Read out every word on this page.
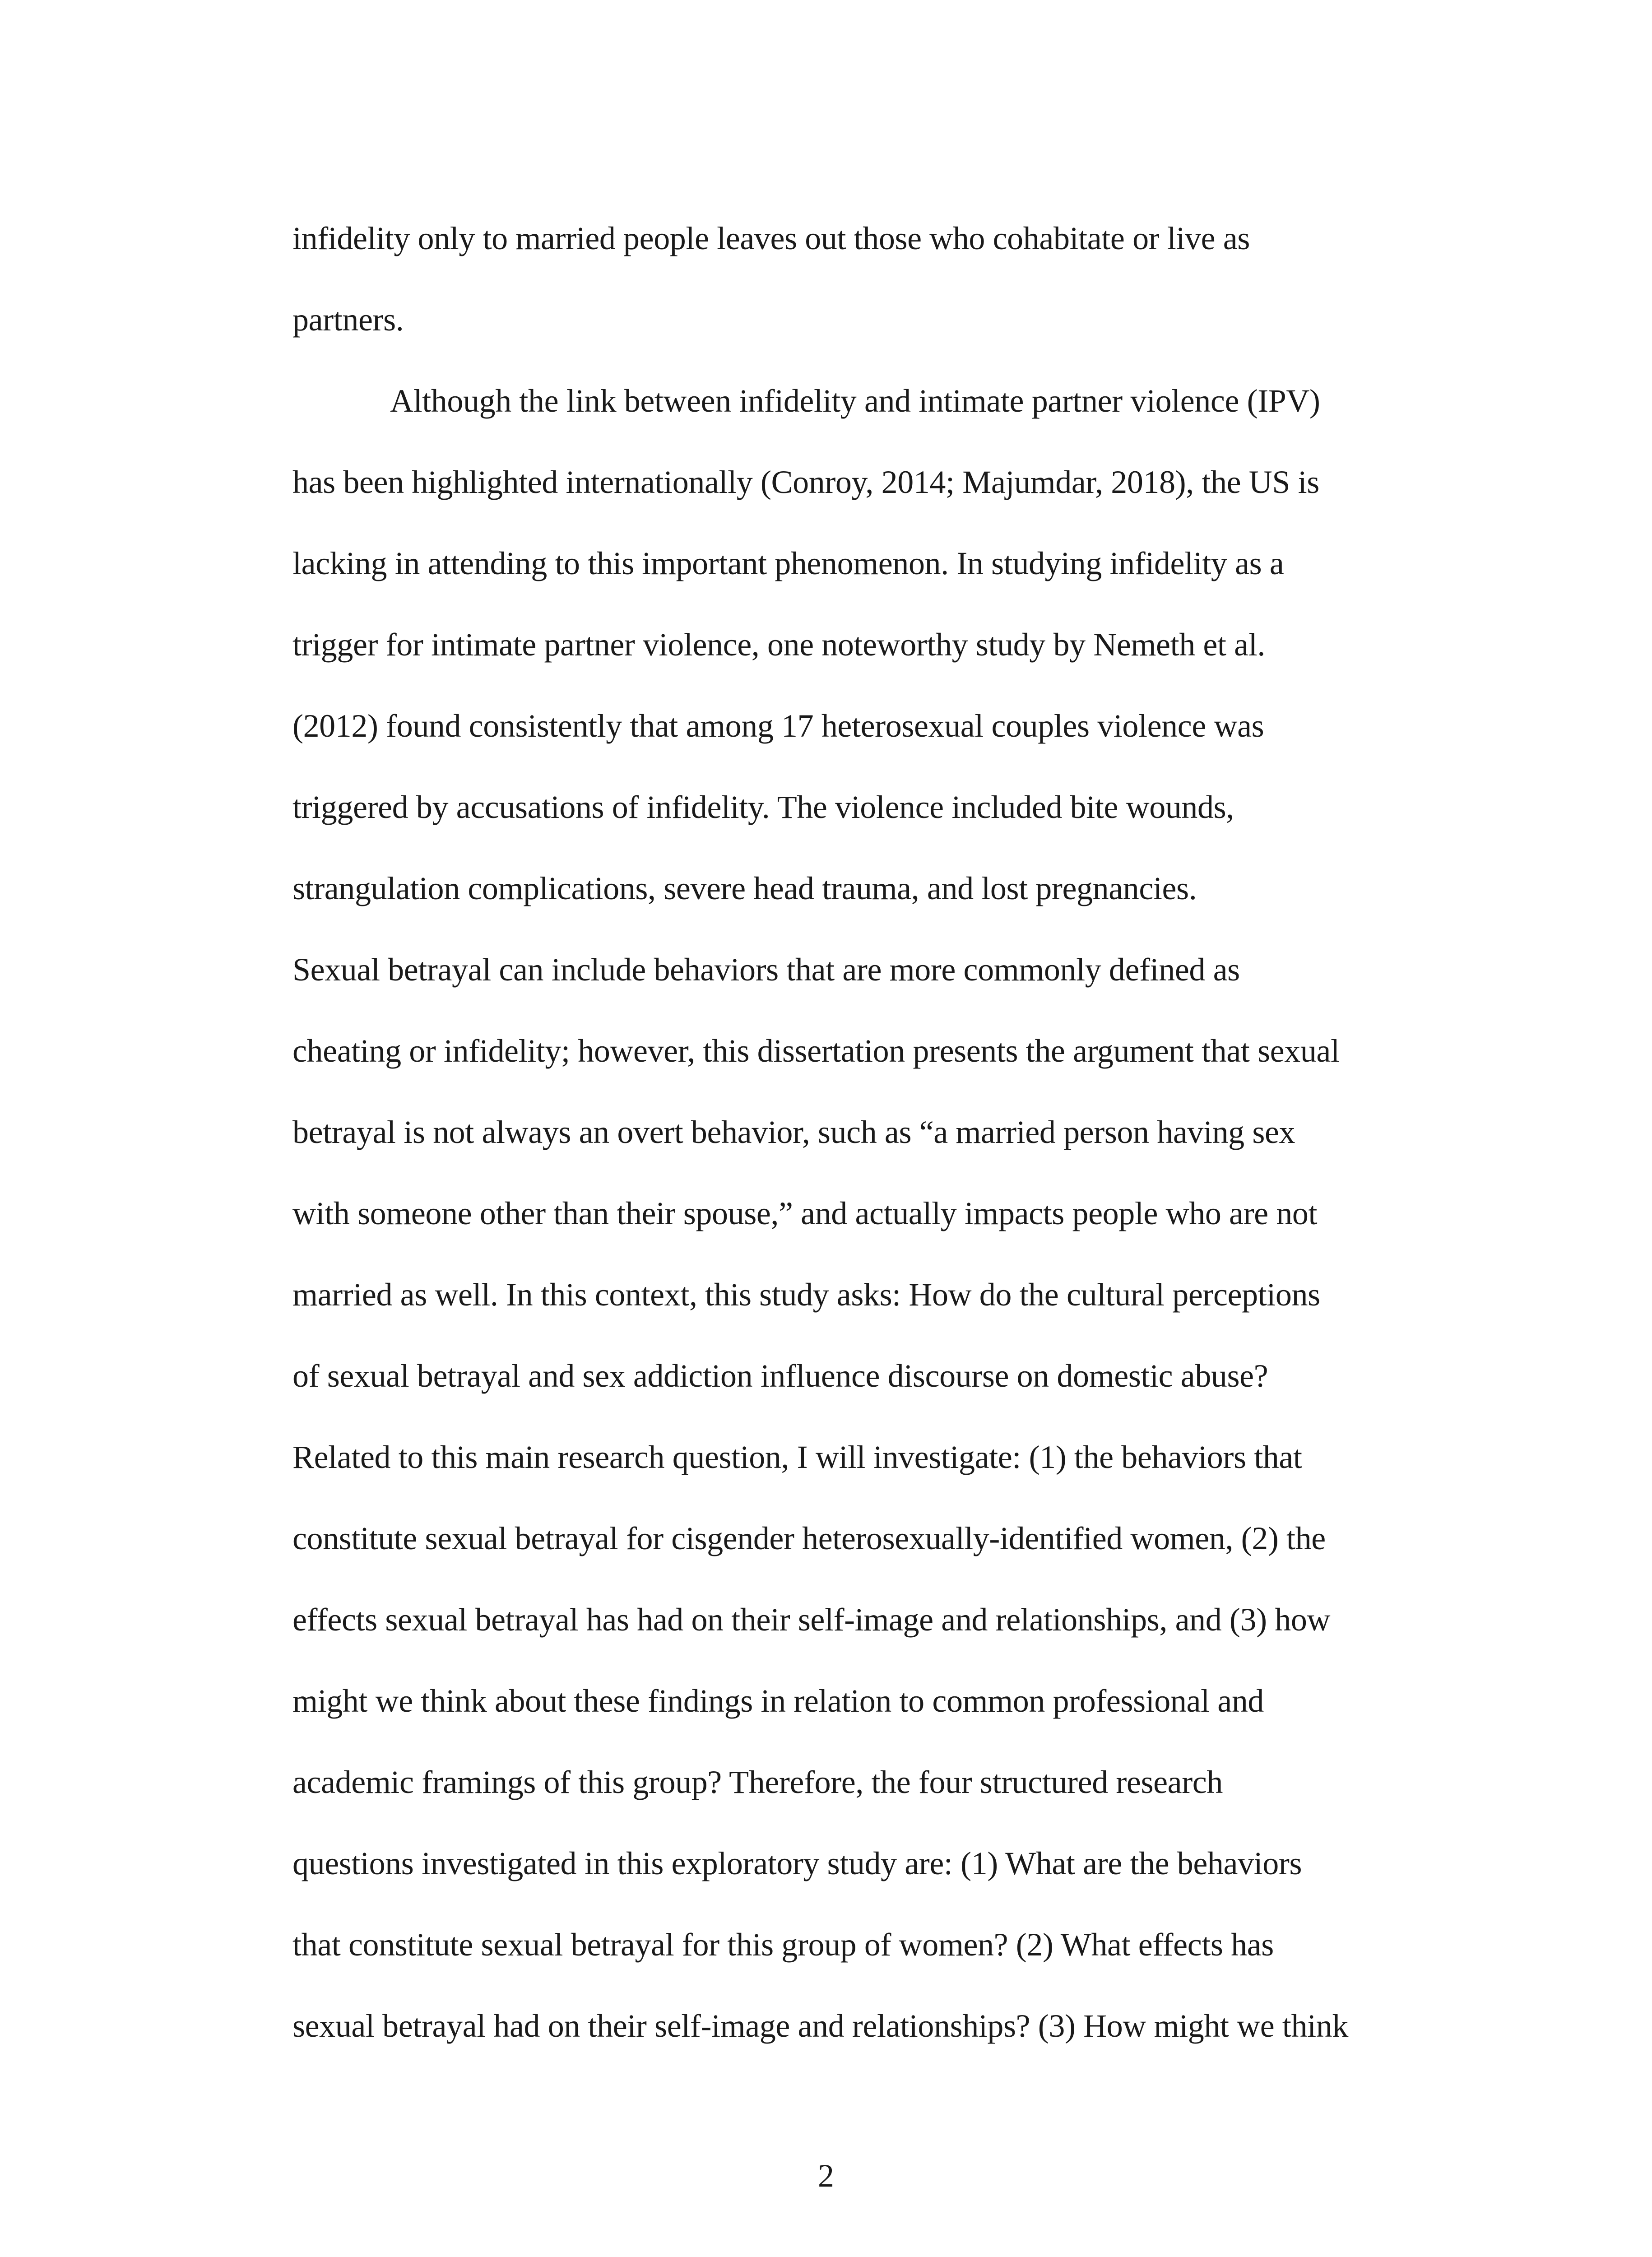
infidelity only to married people leaves out those who cohabitate or live as
partners.
Although the link between infidelity and intimate partner violence (IPV)
has been highlighted internationally (Conroy, 2014; Majumdar, 2018), the US is
lacking in attending to this important phenomenon. In studying infidelity as a
trigger for intimate partner violence, one noteworthy study by Nemeth et al.
(2012) found consistently that among 17 heterosexual couples violence was
triggered by accusations of infidelity. The violence included bite wounds,
strangulation complications, severe head trauma, and lost pregnancies.
Sexual betrayal can include behaviors that are more commonly defined as
cheating or infidelity; however, this dissertation presents the argument that sexual
betrayal is not always an overt behavior, such as “a married person having sex
with someone other than their spouse,” and actually impacts people who are not
married as well. In this context, this study asks: How do the cultural perceptions
of sexual betrayal and sex addiction influence discourse on domestic abuse?
Related to this main research question, I will investigate: (1) the behaviors that
constitute sexual betrayal for cisgender heterosexually-identified women, (2) the
effects sexual betrayal has had on their self-image and relationships, and (3) how
might we think about these findings in relation to common professional and
academic framings of this group? Therefore, the four structured research
questions investigated in this exploratory study are: (1) What are the behaviors
that constitute sexual betrayal for this group of women? (2) What effects has
sexual betrayal had on their self-image and relationships? (3) How might we think
2
